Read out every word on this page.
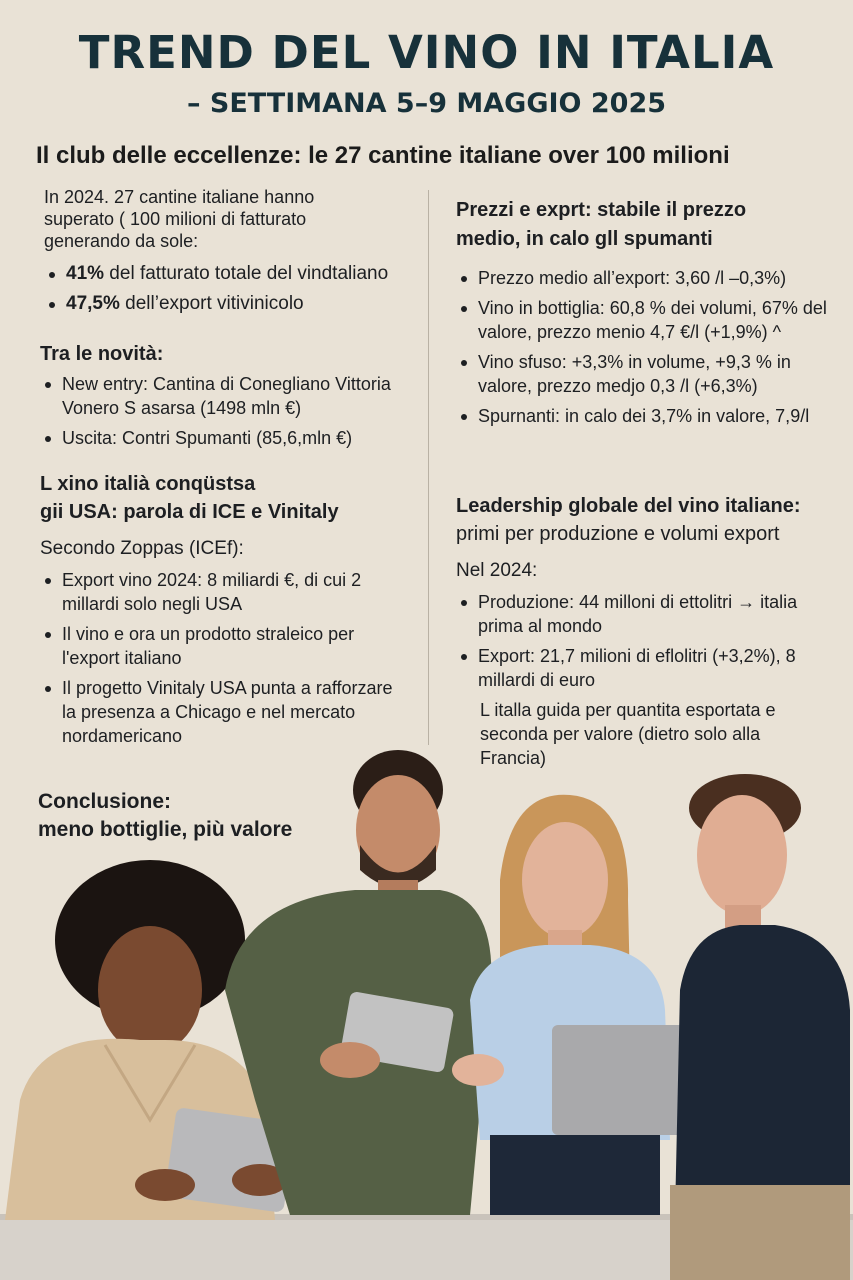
TREND DEL VINO IN ITALIA
– SETTIMANA 5–9 MAGGIO 2025

Il club delle eccellenze: le 27 cantine italiane over 100 milioni

In 2024. 27 cantine italiane hanno superato ( 100 milioni di fatturato generando da sole:

41% del fatturato totale del vindtaliano
47,5% dell’export vitivinicolo

Tra le novità:

New entry: Cantina di Conegliano Vittoria Vonero S asarsa (1498 mln €)
Uscita: Contri Spumanti (85,6,mln €)

L xino italià conqüstsa

gii USA: parola di ICE e Vinitaly

Secondo Zoppas (ICEf):

Export vino 2024: 8 miliardi €, di cui 2 millardi solo negli USA
Il vino e ora un prodotto straleico per l'export italiano
Il progetto Vinitaly USA punta a rafforzare la presenza a Chicago e nel mercato nordamericano

Conclusione:

meno bottiglie, più valore

Prezzi e exprt: stabile il prezzo medio, in calo gll spumanti

Prezzo mediо all’export: 3,60 /l –0,3%)
Vino in bottiglia: 60,8 % dei volumi, 67% del valore, prezzo menio 4,7 €/l (+1,9%) ^
Vino sfuso: +3,3% in volume, +9,3 % in valore, prezzo medjo 0,3 /l (+6,3%)
Spurnanti: in calo dei 3,7% in valore, 7,9/l

Leadership globale del vino italiane:

primi per produzione e volumi export

Nel 2024:

Produzione: 44 milloni di ettolitri → italia prima al mondo
Export: 21,7 milioni di eflolitri (+3,2%), 8 millardi di euro

L italla guida per quantita esportata e seconda per valore (dietro solo alla Francia)
